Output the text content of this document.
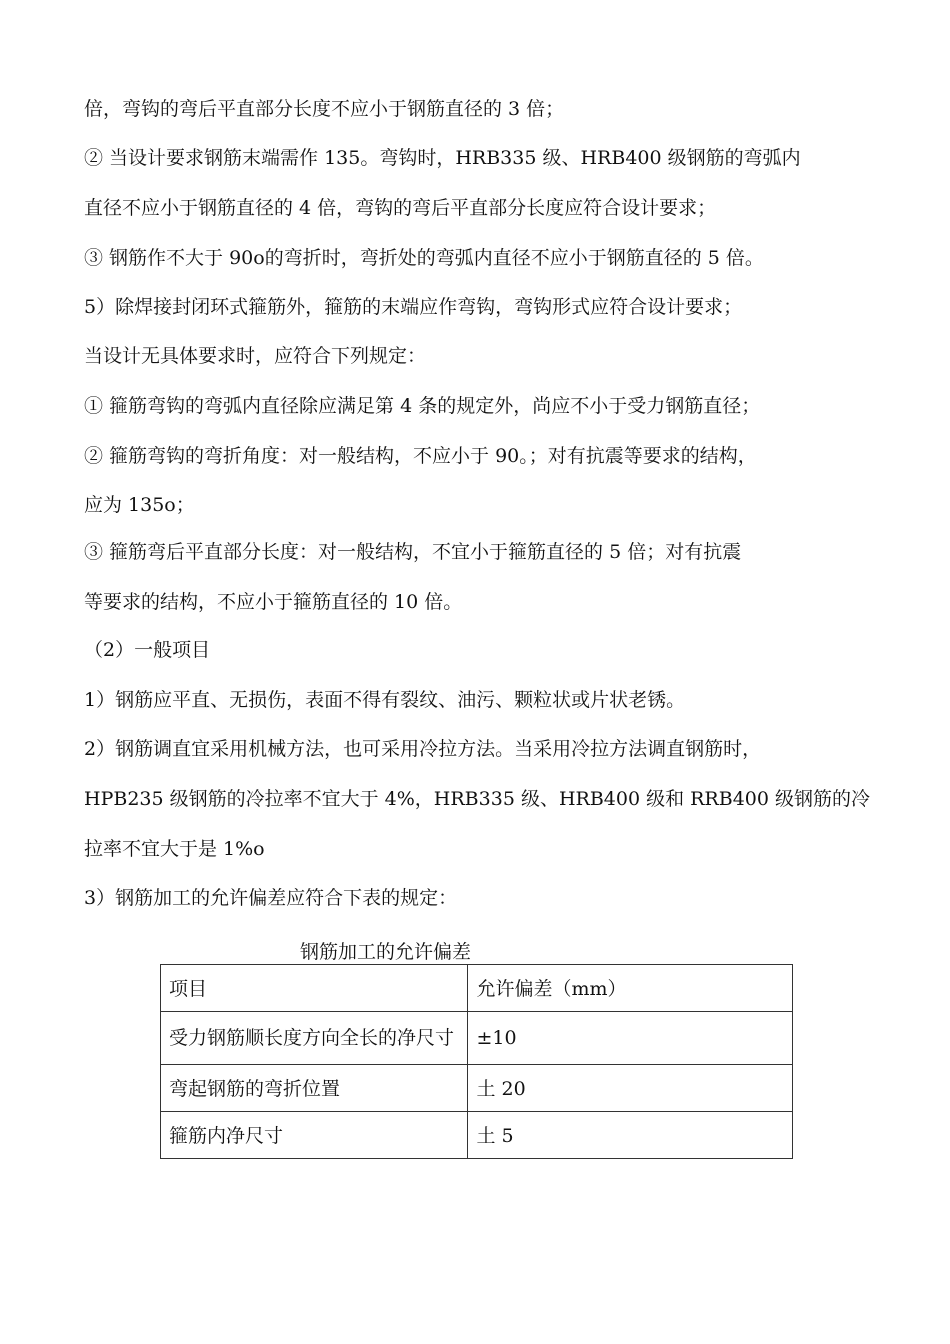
倍，弯钩的弯后平直部分长度不应小于钢筋直径的 3 倍；
② 当设计要求钢筋末端需作 135。弯钩时，HRB335 级、HRB400 级钢筋的弯弧内
直径不应小于钢筋直径的 4 倍，弯钩的弯后平直部分长度应符合设计要求；
③ 钢筋作不大于 90o的弯折时，弯折处的弯弧内直径不应小于钢筋直径的 5 倍。
5）除焊接封闭环式箍筋外，箍筋的末端应作弯钩，弯钩形式应符合设计要求；
当设计无具体要求时，应符合下列规定：
① 箍筋弯钩的弯弧内直径除应满足第 4 条的规定外，尚应不小于受力钢筋直径；
② 箍筋弯钩的弯折角度：对一般结构，不应小于 90。；对有抗震等要求的结构，
应为 135o；
③ 箍筋弯后平直部分长度：对一般结构，不宜小于箍筋直径的 5 倍；对有抗震
等要求的结构，不应小于箍筋直径的 10 倍。
（2）一般项目
1）钢筋应平直、无损伤，表面不得有裂纹、油污、颗粒状或片状老锈。
2）钢筋调直宜采用机械方法，也可采用冷拉方法。当采用冷拉方法调直钢筋时，
HPB235 级钢筋的冷拉率不宜大于 4%，HRB335 级、HRB400 级和 RRB400 级钢筋的冷
拉率不宜大于是 1%o
3）钢筋加工的允许偏差应符合下表的规定：
钢筋加工的允许偏差
项目	允许偏差（mm）
受力钢筋顺长度方向全长的净尺寸	±10
弯起钢筋的弯折位置	土 20
箍筋内净尺寸	土 5
